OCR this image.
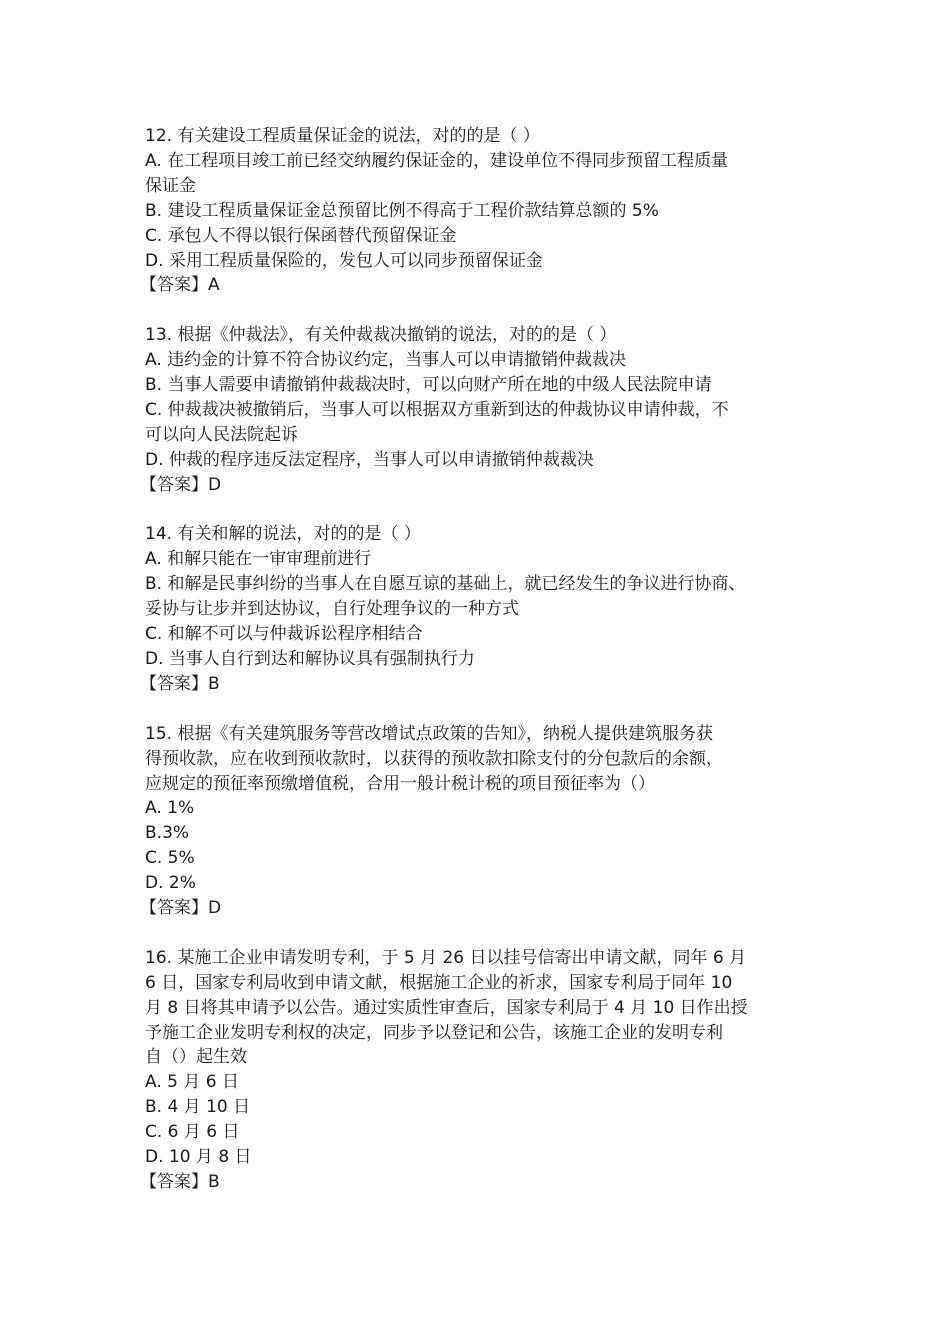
12. 有关建设工程质量保证金的说法，对的的是（ ）
A. 在工程项目竣工前已经交纳履约保证金的，建设单位不得同步预留工程质量
保证金
B. 建设工程质量保证金总预留比例不得高于工程价款结算总额的 5%
C. 承包人不得以银行保函替代预留保证金
D. 采用工程质量保险的，发包人可以同步预留保证金
【答案】A
13. 根据《仲裁法》，有关仲裁裁决撤销的说法，对的的是（ ）
A. 违约金的计算不符合协议约定，当事人可以申请撤销仲裁裁决
B. 当事人需要申请撤销仲裁裁决时，可以向财产所在地的中级人民法院申请
C. 仲裁裁决被撤销后，当事人可以根据双方重新到达的仲裁协议申请仲裁，不
可以向人民法院起诉
D. 仲裁的程序违反法定程序，当事人可以申请撤销仲裁裁决
【答案】D
14. 有关和解的说法，对的的是（ ）
A. 和解只能在一审审理前进行
B. 和解是民事纠纷的当事人在自愿互谅的基础上，就已经发生的争议进行协商、
妥协与让步并到达协议，自行处理争议的一种方式
C. 和解不可以与仲裁诉讼程序相结合
D. 当事人自行到达和解协议具有强制执行力
【答案】B
15. 根据《有关建筑服务等营改增试点政策的告知》，纳税人提供建筑服务获
得预收款，应在收到预收款时，以获得的预收款扣除支付的分包款后的余额，
应规定的预征率预缴增值税，合用一般计税计税的项目预征率为（）
A. 1%
B.3%
C. 5%
D. 2%
【答案】D
16. 某施工企业申请发明专利，于 5 月 26 日以挂号信寄出申请文献，同年 6 月
6 日，国家专利局收到申请文献，根据施工企业的祈求，国家专利局于同年 10
月 8 日将其申请予以公告。通过实质性审查后，国家专利局于 4 月 10 日作出授
予施工企业发明专利权的决定，同步予以登记和公告，该施工企业的发明专利
自（）起生效
A. 5 月 6 日
B. 4 月 10 日
C. 6 月 6 日
D. 10 月 8 日
【答案】B
